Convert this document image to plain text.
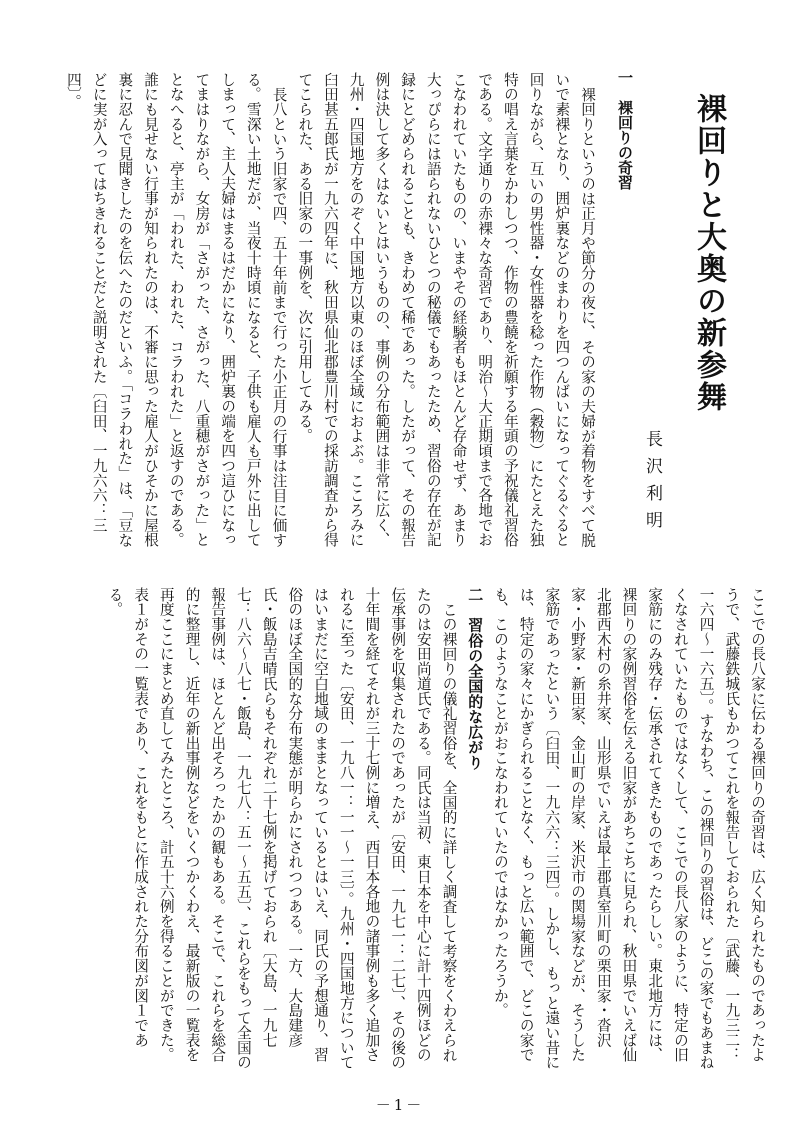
裸回りと大奥の新参舞
長沢利明
一　裸回りの奇習

裸回りというのは正月や節分の夜に、その家の夫婦が着物をすべて脱いで素裸となり、囲炉裏などのまわりを四つんばいになってぐるぐると回りながら、互いの男性器・女性器を稔った作物（穀物）にたとえた独特の唱え言葉をかわしつつ、作物の豊饒を祈願する年頭の予祝儀礼習俗である。文字通りの赤裸々な奇習であり、明治～大正期頃まで各地でおこなわれていたものの、いまやその経験者もほとんど存命せず、あまり大っぴらには語られないひとつの秘儀でもあったため、習俗の存在が記録にとどめられることも、きわめて稀であった。したがって、その報告例は決して多くはないとはいうものの、事例の分布範囲は非常に広く、九州・四国地方をのぞく中国地方以東のほぼ全域におよぶ。こころみに臼田甚五郎氏が一九六四年に、秋田県仙北郡豊川村での採訪調査から得てこられた、ある旧家の一事例を、次に引用してみる。

長八という旧家で四、五十年前まで行った小正月の行事は注目に価する。雪深い土地だが、当夜十時頃になると、子供も雇人も戸外に出してしまって、主人夫婦はまるはだかになり、囲炉裏の端を四つ這ひになってまはりながら、女房が「さがった、さがった、八重穂がさがった」ととなへると、亭主が「われた、われた、コラわれた」と返すのである。誰にも見せない行事が知られたのは、不審に思った雇人がひそかに屋根裏に忍んで見聞きしたのを伝へたのだといふ。「コラわれた」は、「豆などに実が入ってはちきれることだと説明された〔臼田、一九六六：三四〕。

ここでの長八家に伝わる裸回りの奇習は、広く知られたものであったようで、武藤鉄城氏もかつてこれを報告しておられた〔武藤、一九三二：一六四～一六五〕。すなわち、この裸回りの習俗は、どこの家でもあまねくなされていたものではなくして、ここでの長八家のように、特定の旧家筋にのみ残存・伝承されてきたものであったらしい。東北地方には、裸回りの家例習俗を伝える旧家があちこちに見られ、秋田県でいえば仙北郡西木村の糸井家、山形県でいえば最上郡真室川町の栗田家・沓沢家・小野家・新田家、金山町の岸家、米沢市の関場家などが、そうした家筋であったという〔臼田、一九六六：三四〕。しかし、もっと遠い昔には、特定の家々にかぎられることなく、もっと広い範囲で、どこの家でも、このようなことがおこなわれていたのではなかったろうか。

二　習俗の全国的な広がり

この裸回りの儀礼習俗を、全国的に詳しく調査して考察をくわえられたのは安田尚道氏である。同氏は当初、東日本を中心に計十四例ほどの伝承事例を収集されたのであったが〔安田、一九七一：二七〕、その後の十年間を経てそれが三十七例に増え、西日本各地の諸事例も多く追加されるに至った〔安田、一九八一：一一～一三〕。九州・四国地方についてはいまだに空白地域のままとなっているとはいえ、同氏の予想通り、習俗のほぼ全国的な分布実態が明らかにされつつある。一方、大島建彦氏・飯島吉晴氏らもそれぞれ二十七例を掲げておられ〔大島、一九七七：八六～八七・飯島、一九七八：五一～五五〕、これらをもって全国の報告事例は、ほとんど出そろったかの観もある。そこで、これらを総合的に整理し、近年の新出事例などをいくつかくわえ、最新版の一覧表を再度ここにまとめ直してみたところ、計五十六例を得ることができた。表１がその一覧表であり、これをもとに作成された分布図が図１である。

－1－
